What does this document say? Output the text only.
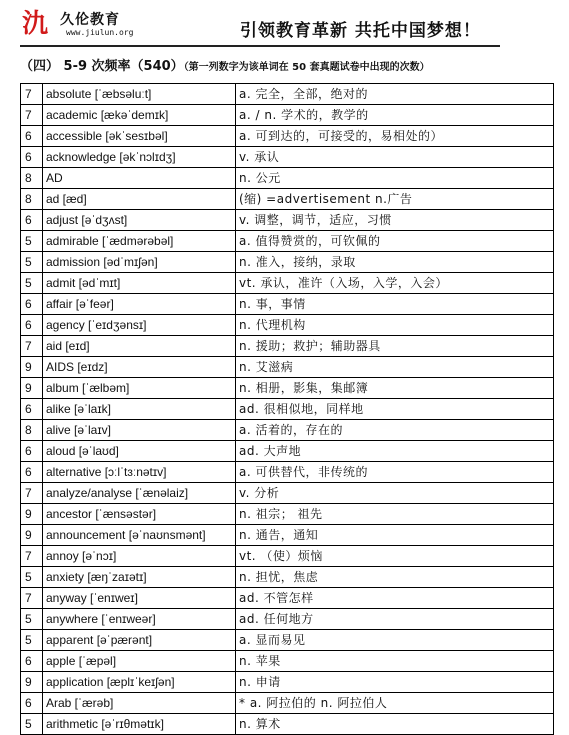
氿 久伦教育
www.jiulun.org	引领教育革新 共托中国梦想！
（四） 5-9 次频率（540）（第一列数字为该单词在 50 套真题试卷中出现的次数）
7	absolute [ˈæbsəluːt]	a. 完全，全部，绝对的
7	academic [ækəˈdemɪk]	a. / n. 学术的，教学的
6	accessible [əkˈsesɪbəl]	a. 可到达的，可接受的，易相处的）
6	acknowledge [əkˈnɔlɪdʒ]	v. 承认
8	AD	n. 公元
8	ad [æd]	(缩) =advertisement n.广告
6	adjust [əˈdʒʌst]	v. 调整，调节，适应，习惯
5	admirable [ˈædmərəbəl]	a. 值得赞赏的，可钦佩的
5	admission [ədˈmɪʃən]	n. 准入，接纳，录取
5	admit [ədˈmɪt]	vt. 承认，准许（入场，入学，入会）
6	affair [əˈfeər]	n. 事，事情
6	agency [ˈeɪdʒənsɪ]	n. 代理机构
7	aid [eɪd]	n. 援助；救护；辅助器具
9	AIDS [eɪdz]	n. 艾滋病
9	album [ˈælbəm]	n. 相册，影集，集邮簿
6	alike [əˈlaɪk]	ad. 很相似地，同样地
8	alive [əˈlaɪv]	a. 活着的，存在的
6	aloud [əˈlaʊd]	ad. 大声地
6	alternative [ɔːlˈtɜːnətɪv]	a. 可供替代，非传统的
7	analyze/analyse [ˈænəlaiz]	v. 分析
9	ancestor [ˈænsəstər]	n. 祖宗； 祖先
9	announcement [əˈnaʊnsmənt]	n. 通告，通知
7	annoy [əˈnɔɪ]	vt. （使）烦恼
5	anxiety [æŋˈzaɪətɪ]	n. 担忧，焦虑
7	anyway [ˈenɪweɪ]	ad. 不管怎样
5	anywhere [ˈenɪweər]	ad. 任何地方
5	apparent [əˈpærənt]	a. 显而易见
6	apple [ˈæpəl]	n. 苹果
9	application [æplɪˈkeɪʃən]	n. 申请
6	Arab [ˈærəb]	* a. 阿拉伯的 n. 阿拉伯人
5	arithmetic [əˈrɪθmətɪk]	n. 算术
